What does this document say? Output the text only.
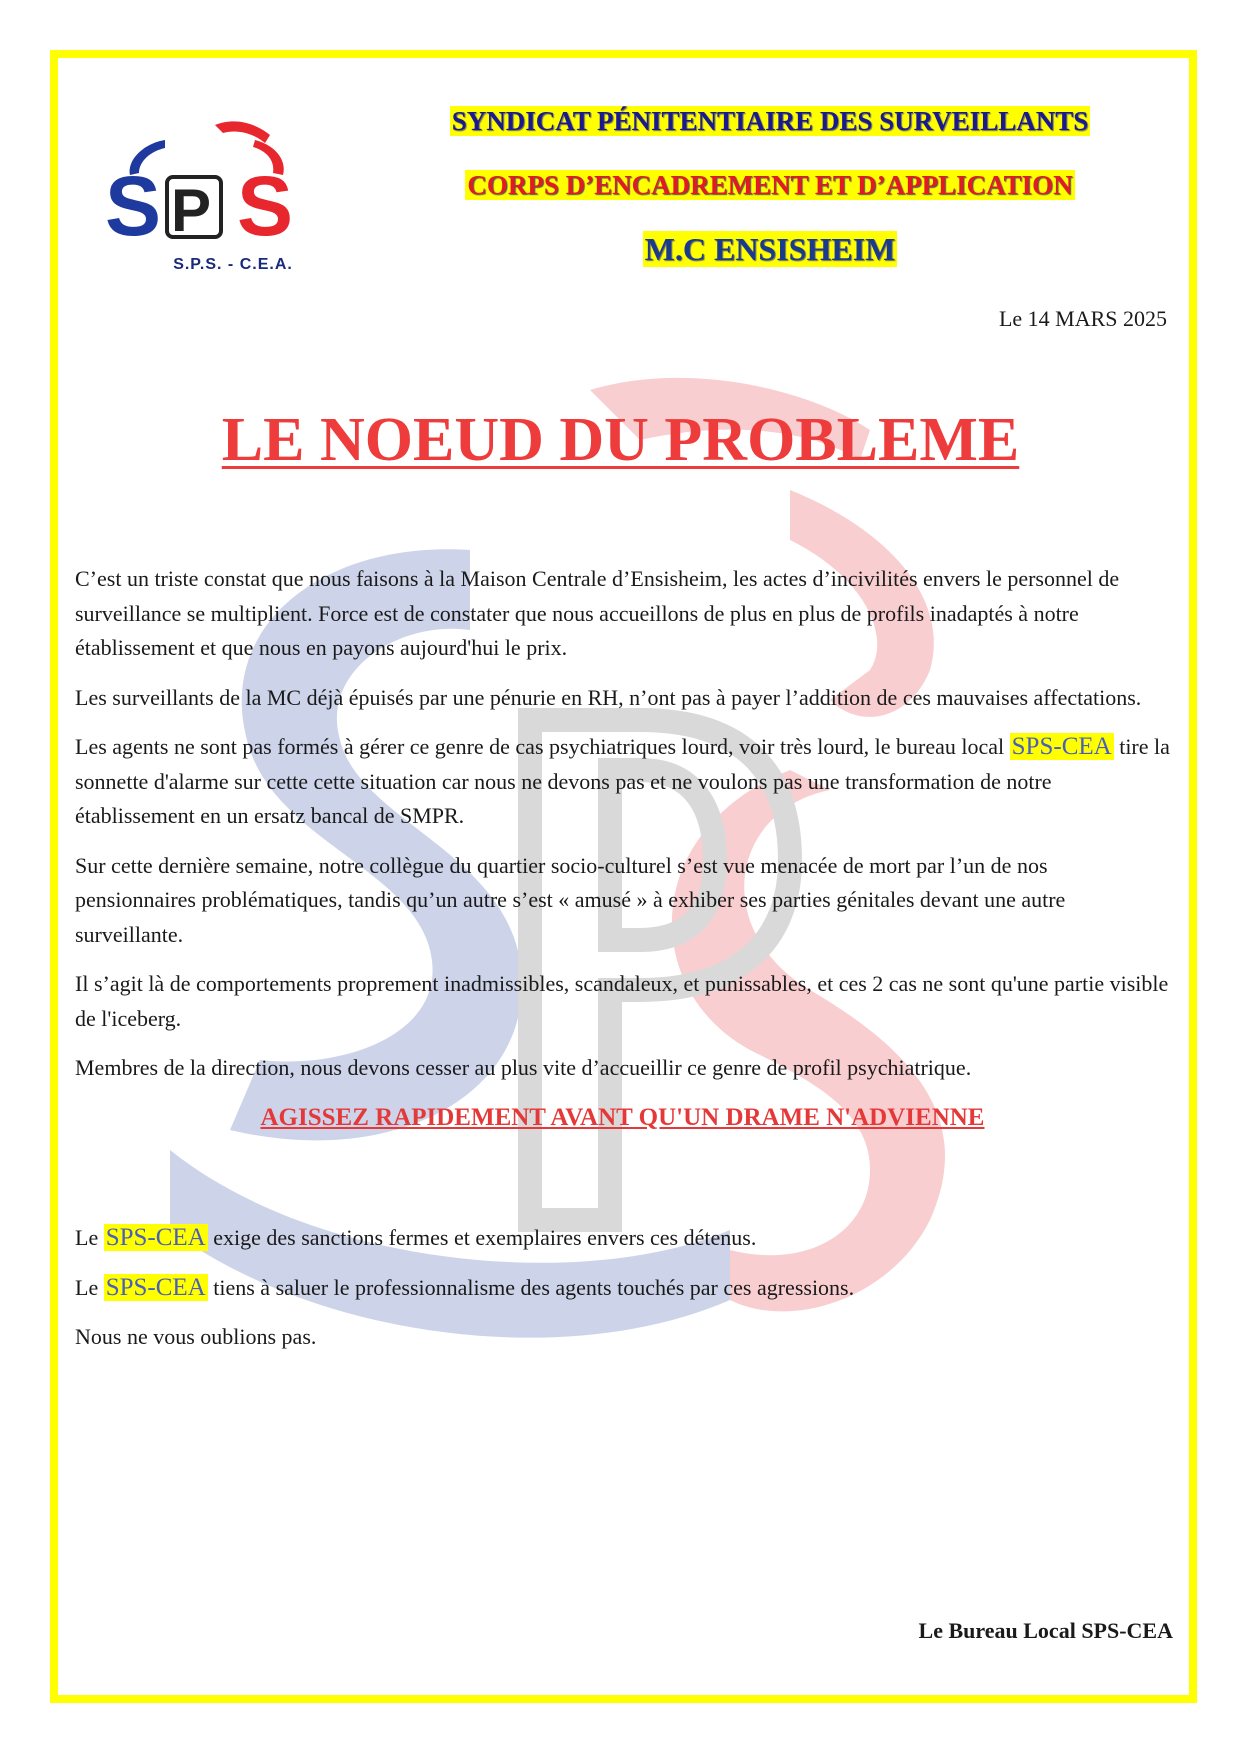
S P S
S.P.S. - C.E.A.
SYNDICAT PÉNITENTIAIRE DES SURVEILLANTS
CORPS D’ENCADREMENT ET D’APPLICATION
M.C ENSISHEIM
Le 14 MARS 2025
LE NOEUD DU PROBLEME

C’est un triste constat que nous faisons à la Maison Centrale d’Ensisheim, les actes d’incivilités envers le personnel de surveillance se multiplient. Force est de constater que nous accueillons de plus en plus de profils inadaptés à notre établissement et que nous en payons aujourd'hui le prix.

Les surveillants de la MC déjà épuisés par une pénurie en RH, n’ont pas à payer l’addition de ces mauvaises affectations.

Les agents ne sont pas formés à gérer ce genre de cas psychiatriques lourd, voir très lourd, le bureau local SPS-CEA tire la sonnette d'alarme sur cette cette situation car nous ne devons pas et ne voulons pas une transformation de notre établissement en un ersatz bancal de SMPR.

Sur cette dernière semaine, notre collègue du quartier socio-culturel s’est vue menacée de mort par l’un de nos pensionnaires problématiques, tandis qu’un autre s’est « amusé » à exhiber ses parties génitales devant une autre surveillante.

Il s’agit là de comportements proprement inadmissibles, scandaleux, et punissables, et ces 2 cas ne sont qu'une partie visible de l'iceberg.

Membres de la direction, nous devons cesser au plus vite d’accueillir ce genre de profil psychiatrique.

AGISSEZ RAPIDEMENT AVANT QU'UN DRAME N'ADVIENNE

Le SPS-CEA exige des sanctions fermes et exemplaires envers ces détenus.

Le SPS-CEA tiens à saluer le professionnalisme des agents touchés par ces agressions.

Nous ne vous oublions pas.

Le Bureau Local SPS-CEA
